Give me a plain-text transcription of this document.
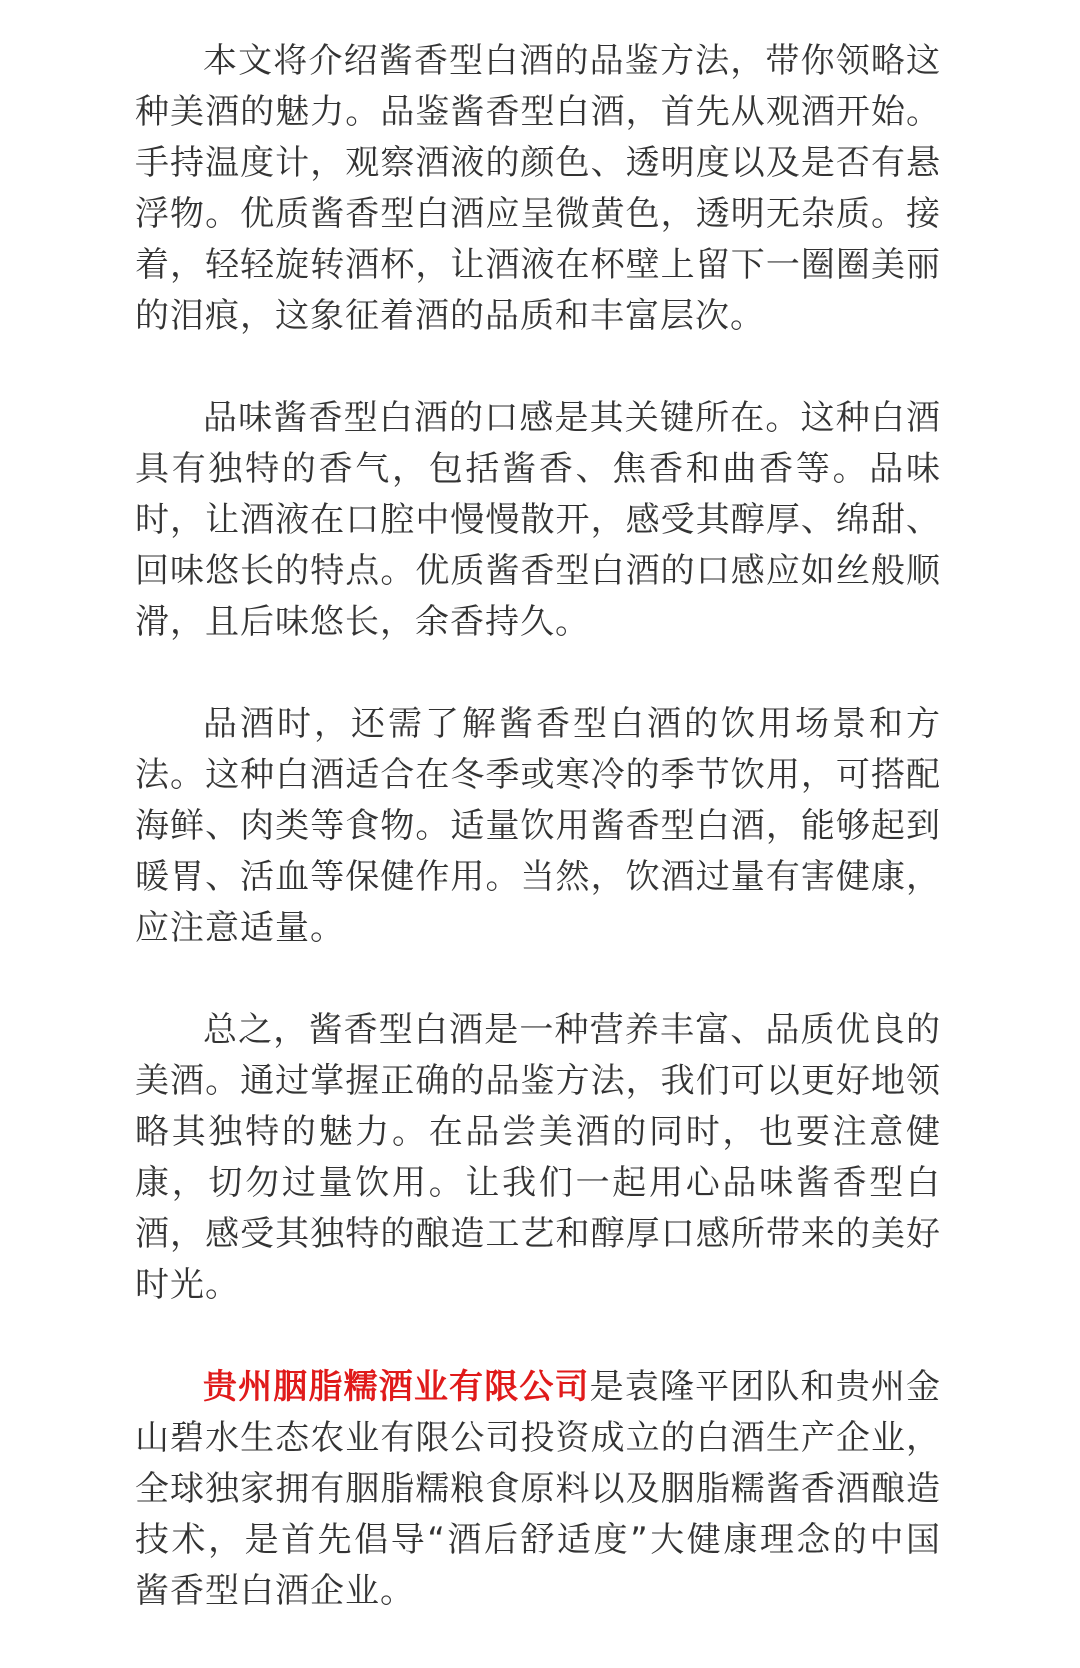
本文将介绍酱香型白酒的品鉴方法，带你领略这种美酒的魅力。品鉴酱香型白酒，首先从观酒开始。手持温度计，观察酒液的颜色、透明度以及是否有悬浮物。优质酱香型白酒应呈微黄色，透明无杂质。接着，轻轻旋转酒杯，让酒液在杯壁上留下一圈圈美丽的泪痕，这象征着酒的品质和丰富层次。

品味酱香型白酒的口感是其关键所在。这种白酒具有独特的香气，包括酱香、焦香和曲香等。品味时，让酒液在口腔中慢慢散开，感受其醇厚、绵甜、回味悠长的特点。优质酱香型白酒的口感应如丝般顺滑，且后味悠长，余香持久。

品酒时，还需了解酱香型白酒的饮用场景和方法。这种白酒适合在冬季或寒冷的季节饮用，可搭配海鲜、肉类等食物。适量饮用酱香型白酒，能够起到暖胃、活血等保健作用。当然，饮酒过量有害健康，应注意适量。

总之，酱香型白酒是一种营养丰富、品质优良的美酒。通过掌握正确的品鉴方法，我们可以更好地领略其独特的魅力。在品尝美酒的同时，也要注意健康，切勿过量饮用。让我们一起用心品味酱香型白酒，感受其独特的酿造工艺和醇厚口感所带来的美好时光。

贵州胭脂糯酒业有限公司是袁隆平团队和贵州金山碧水生态农业有限公司投资成立的白酒生产企业，全球独家拥有胭脂糯粮食原料以及胭脂糯酱香酒酿造技术，是首先倡导“酒后舒适度”大健康理念的中国酱香型白酒企业。
